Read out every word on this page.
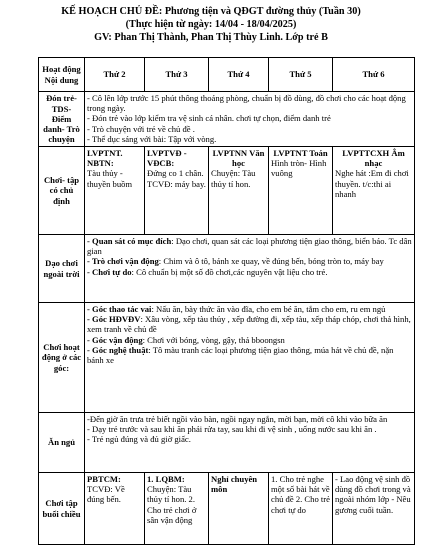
KẾ HOẠCH CHỦ ĐỀ: Phương tiện và QĐGT đường thủy (Tuần 30)
(Thực hiện từ ngày: 14/04 - 18/04/2025)
GV: Phan Thị Thành, Phan Thị Thùy Linh. Lớp trẻ B
Hoạt động Nội dung	Thứ 2	Thứ 3	Thứ 4	Thứ 5	Thứ 6
Đón trẻ- TDS- Điểm danh- Trò chuyện	- Cô lên lớp trước 15 phút thông thoáng phòng, chuẩn bị đồ dùng, đồ chơi cho các hoạt động trong ngày.
- Đón trẻ vào lớp kiểm tra vệ sinh cá nhân. chơi tự chọn, điểm danh trẻ
- Trò chuyện với trẻ về chủ đề .
- Thể dục sáng với bài: Tập với vòng.				

Chơi- tập có chủ định	LVPTNT. NBTN:
Tàu thủy - thuyền buồm	LVPTVĐ -VĐCB:
Đứng co 1 chân. TCVĐ: máy bay.	LVPTNN Văn học
Chuyện: Tàu thủy tí hon.	LVPTNT Toán
Hình tròn- Hình vuông	LVPTTCXH Âm nhạc
Nghe hát :Em đi chơi thuyền. t/c:thi ai nhanh

Dạo chơi ngoài trời	- Quan sát có mục đích: Dạo chơi, quan sát các loại phương tiện giao thông, biển báo. Tc dân gian
- Trò chơi vận động: Chim và ô tô, bánh xe quay, về đúng bến, bóng tròn to, máy bay
- Chơi tự do: Cô chuẩn bị một số đồ chơi,các nguyên vật liệu cho trẻ.				

Chơi hoạt động ở các góc:	- Góc thao tác vai: Nấu ăn, bày thức ăn vào đĩa, cho em bé ăn, tắm cho em, ru em ngủ
- Góc HĐVĐV: Xâu vòng, xếp tàu thủy , xếp đường đi, xếp tàu, xếp tháp chóp, chơi thả hình, xem tranh về chủ đề
- Góc vận động: Chơi với bóng, vòng, gậy, thả bboongsn
- Góc nghệ thuật: Tô màu tranh các loại phương tiện giao thông, múa hát về chủ đề, nặn bánh xe				

Ăn ngủ	-Đến giờ ăn trưa trẻ biết ngồi vào bàn, ngồi ngay ngắn, mời bạn, mời cô khi vào bữa ăn
- Dạy trẻ trước và sau khi ăn phải rửa tay, sau khi đi vệ sinh , uống nước sau khi ăn .
- Trẻ ngủ đúng và đủ giờ giấc.				

Chơi tập buổi chiều	PBTCM:
TCVĐ: Về đúng bến.	1. LQBM:
Chuyện: Tàu thủy tí hon. 2. Cho trẻ chơi ở sân vận động	Nghỉ chuyên môn	1. Cho trẻ nghe một số bài hát về chủ đề 2. Cho trẻ chơi tự do	- Lao động vệ sinh đồ dùng đồ chơi trong và ngoài nhóm lớp - Nêu gương cuối tuần.
